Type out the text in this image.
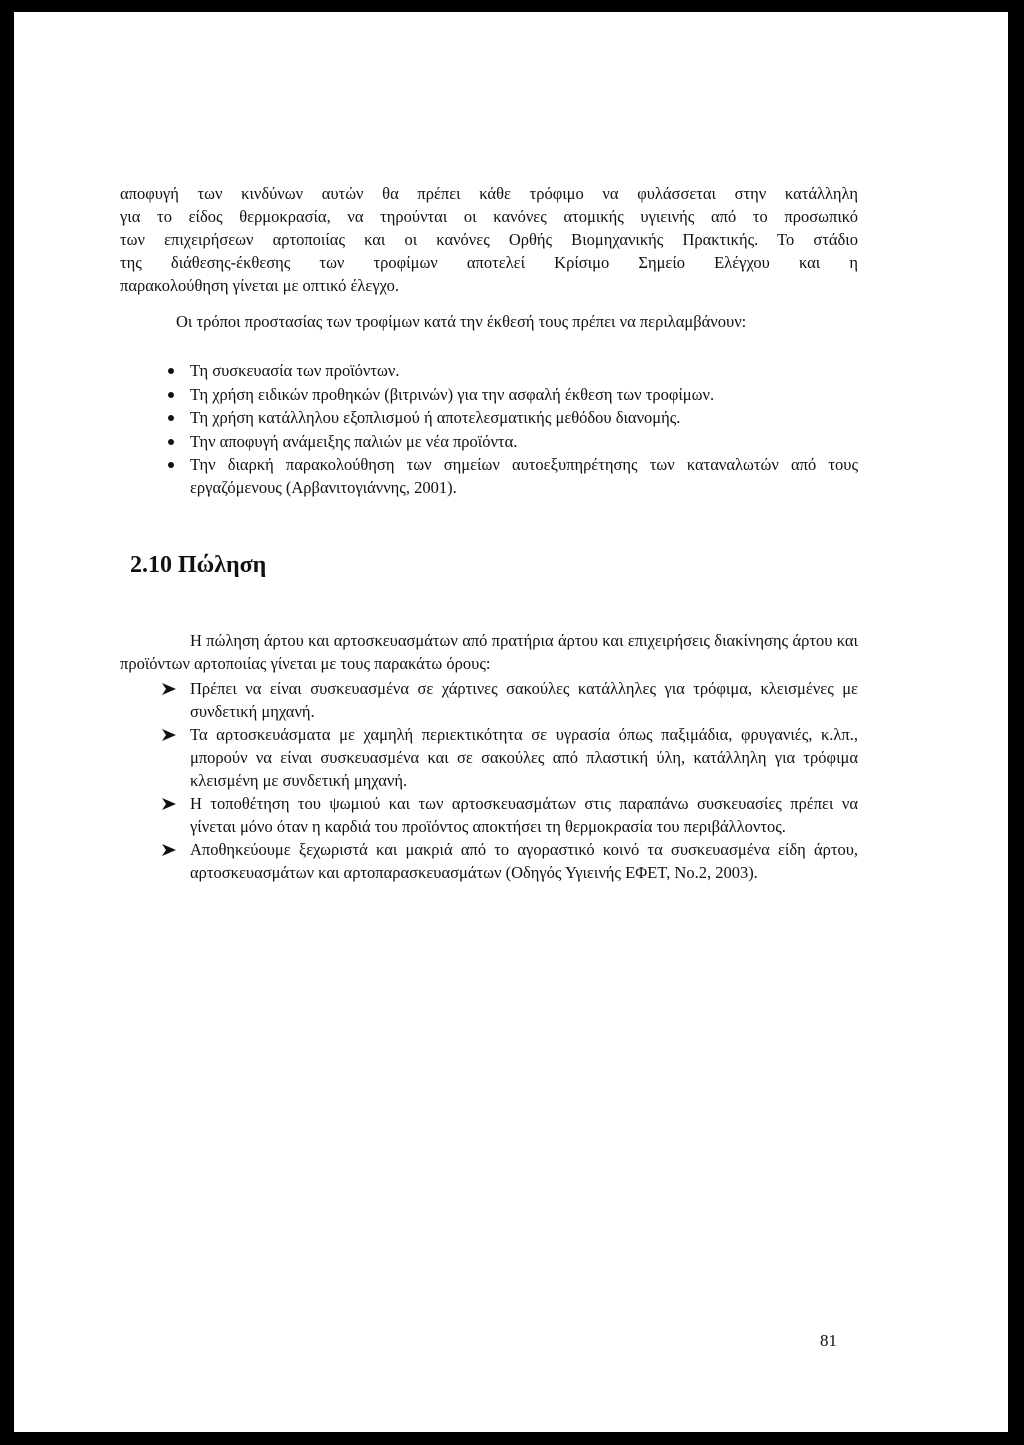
αποφυγή των κινδύνων αυτών θα πρέπει κάθε τρόφιμο να φυλάσσεται στην κατάλληλη
για το είδος θερμοκρασία, να τηρούνται οι κανόνες ατομικής υγιεινής από το προσωπικό
των επιχειρήσεων αρτοποιίας και οι κανόνες Ορθής Βιομηχανικής Πρακτικής. Το στάδιο
της διάθεσης-έκθεσης των τροφίμων αποτελεί Κρίσιμο Σημείο Ελέγχου και η
παρακολούθηση γίνεται με οπτικό έλεγχο.

Οι τρόποι προστασίας των τροφίμων κατά την έκθεσή τους πρέπει να περιλαμβάνουν:

Τη συσκευασία των προϊόντων.
Τη χρήση ειδικών προθηκών (βιτρινών) για την ασφαλή έκθεση των τροφίμων.
Τη χρήση κατάλληλου εξοπλισμού ή αποτελεσματικής μεθόδου διανομής.
Την αποφυγή ανάμειξης παλιών με νέα προϊόντα.
Την διαρκή παρακολούθηση των σημείων αυτοεξυπηρέτησης των καταναλωτών από τους εργαζόμενους (Αρβανιτογιάννης, 2001).
2.10 Πώληση

Η πώληση άρτου και αρτοσκευασμάτων από πρατήρια άρτου και επιχειρήσεις διακίνησης άρτου και προϊόντων αρτοποιίας γίνεται με τους παρακάτω όρους:

Πρέπει να είναι συσκευασμένα σε χάρτινες σακούλες κατάλληλες για τρόφιμα, κλεισμένες με συνδετική μηχανή.
Τα αρτοσκευάσματα με χαμηλή περιεκτικότητα σε υγρασία όπως παξιμάδια, φρυγανιές, κ.λπ., μπορούν να είναι συσκευασμένα και σε σακούλες από πλαστική ύλη, κατάλληλη για τρόφιμα κλεισμένη με συνδετική μηχανή.
Η τοποθέτηση του ψωμιού και των αρτοσκευασμάτων στις παραπάνω συσκευασίες πρέπει να γίνεται μόνο όταν η καρδιά του προϊόντος αποκτήσει τη θερμοκρασία του περιβάλλοντος.
Αποθηκεύουμε ξεχωριστά και μακριά από το αγοραστικό κοινό τα συσκευασμένα είδη άρτου, αρτοσκευασμάτων και αρτοπαρασκευασμάτων (Οδηγός Υγιεινής ΕΦΕΤ, Νο.2, 2003).
81
